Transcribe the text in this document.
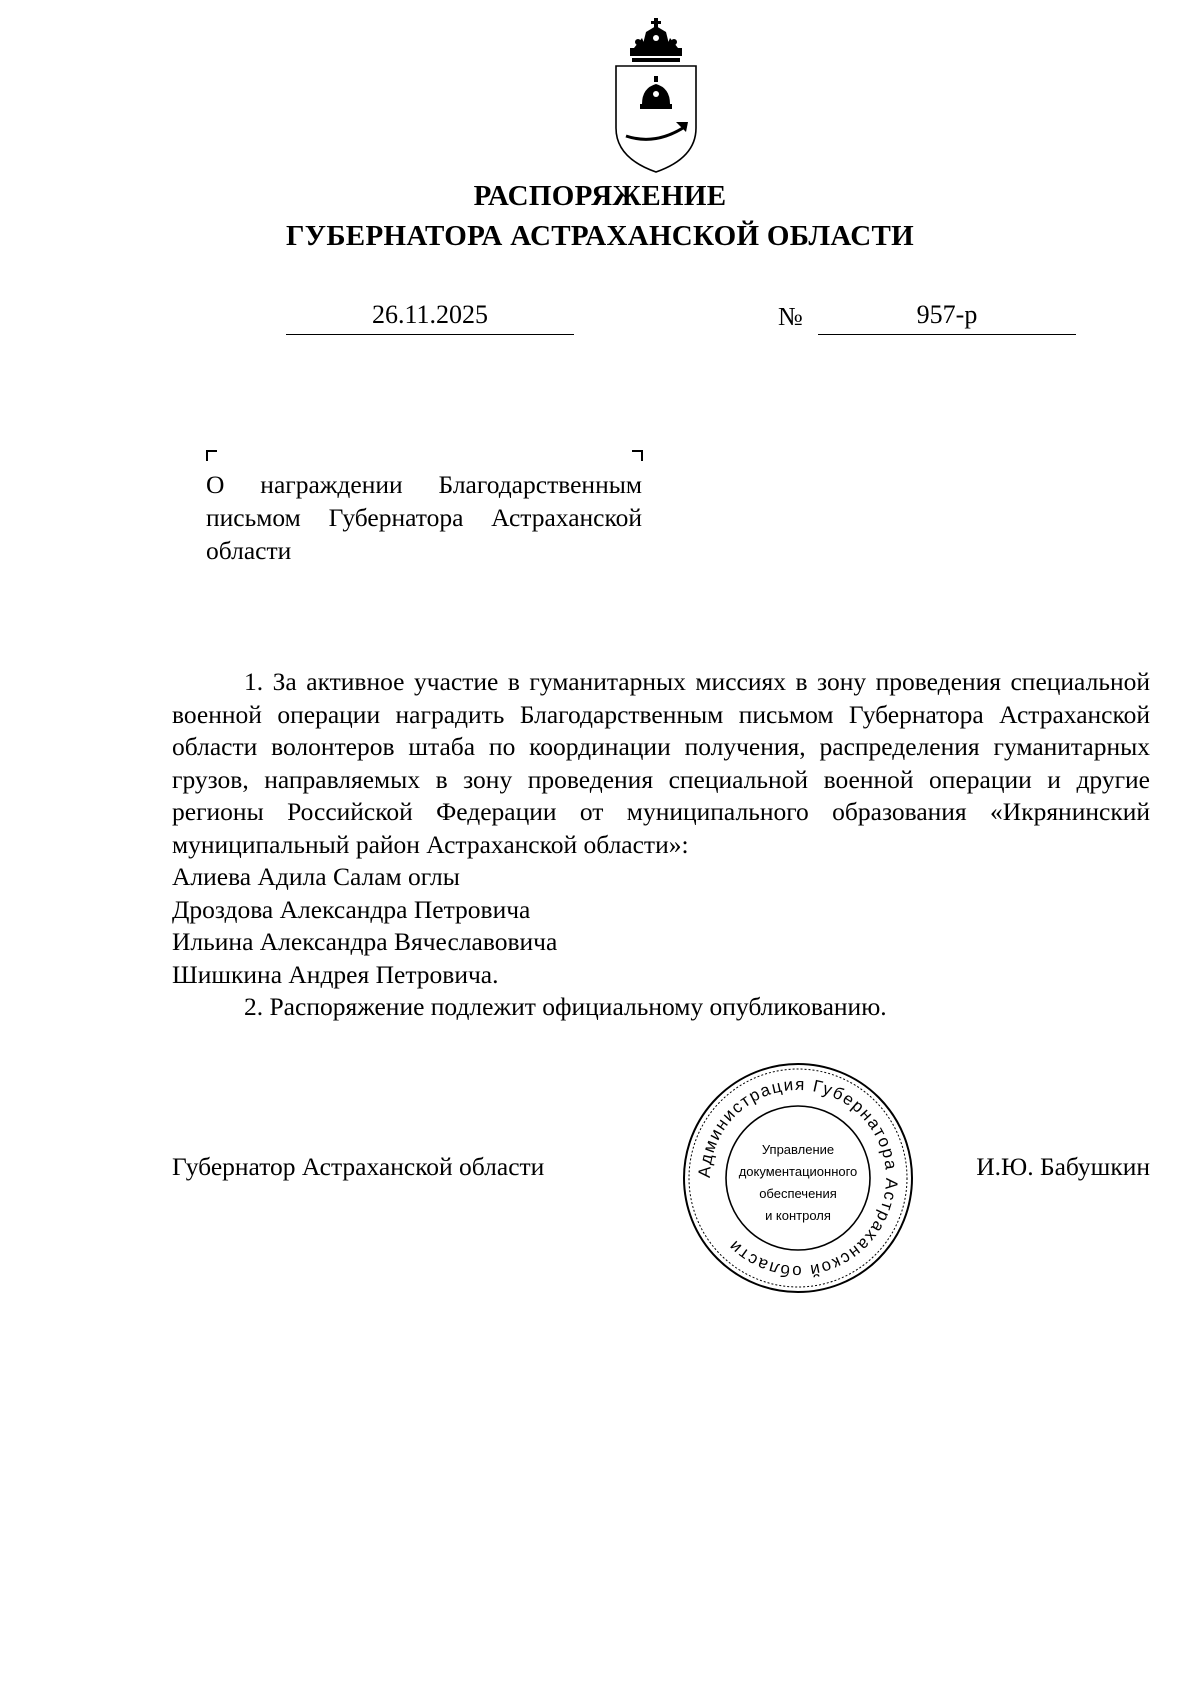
РАСПОРЯЖЕНИЕ
ГУБЕРНАТОРА АСТРАХАНСКОЙ ОБЛАСТИ
26.11.2025	№	957-р
О награждении Благодарственным
письмом Губернатора Астраханской
области

1. За активное участие в гуманитарных миссиях в зону проведения специальной военной операции наградить Благодарственным письмом Губернатора Астраханской области волонтеров штаба по координации получения, распределения гуманитарных грузов, направляемых в зону проведения специальной военной операции и другие регионы Российской Федерации от муниципального образования «Икрянинский муниципальный район Астраханской области»:

Алиева Адила Салам оглы

Дроздова Александра Петровича

Ильина Александра Вячеславовича

Шишкина Андрея Петровича.

2. Распоряжение подлежит официальному опубликованию.

Губернатор Астраханской области	И.Ю. Бабушкин
Администрация Губернатора Астраханской области
Управление
документационного
обеспечения
и контроля
